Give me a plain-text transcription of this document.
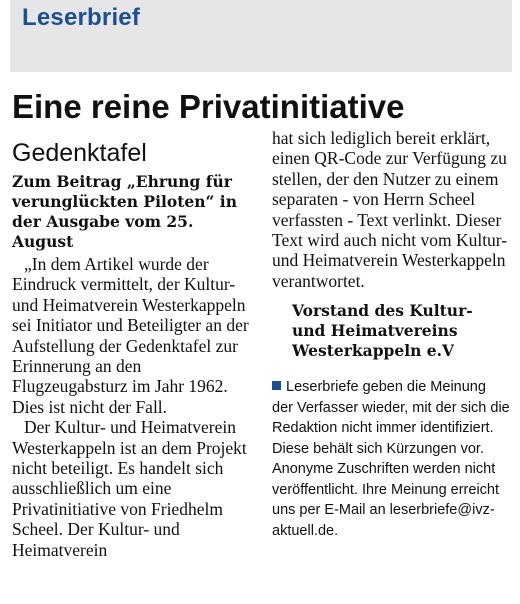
Leserbrief
Eine reine Privatinitiative

Gedenktafel

Zum Beitrag „Ehrung für verunglückten Piloten“ in der Ausgabe vom 25. August

„In dem Artikel wurde der Eindruck vermittelt, der Kultur- und Heimatverein Westerkappeln sei Initiator und Beteiligter an der Aufstellung der Gedenktafel zur Erinnerung an den Flugzeugabsturz im Jahr 1962. Dies ist nicht der Fall.

Der Kultur- und Heimatverein Westerkappeln ist an dem Projekt nicht beteiligt. Es handelt sich ausschließlich um eine Privatinitiative von Friedhelm Scheel. Der Kultur- und Heimatverein

hat sich lediglich bereit erklärt, einen QR-Code zur Verfügung zu stellen, der den Nutzer zu einem separaten - von Herrn Scheel verfassten - Text verlinkt. Dieser Text wird auch nicht vom Kultur- und Heimatverein Westerkappeln verantwortet.

Vorstand des Kultur- und Heimatvereins Westerkappeln e.V

Leserbriefe geben die Meinung der Verfasser wieder, mit der sich die Redaktion nicht immer identifiziert. Diese behält sich Kürzungen vor. Anonyme Zuschriften werden nicht veröffentlicht. Ihre Meinung erreicht uns per E-Mail an leserbriefe@ivz-aktuell.de.
